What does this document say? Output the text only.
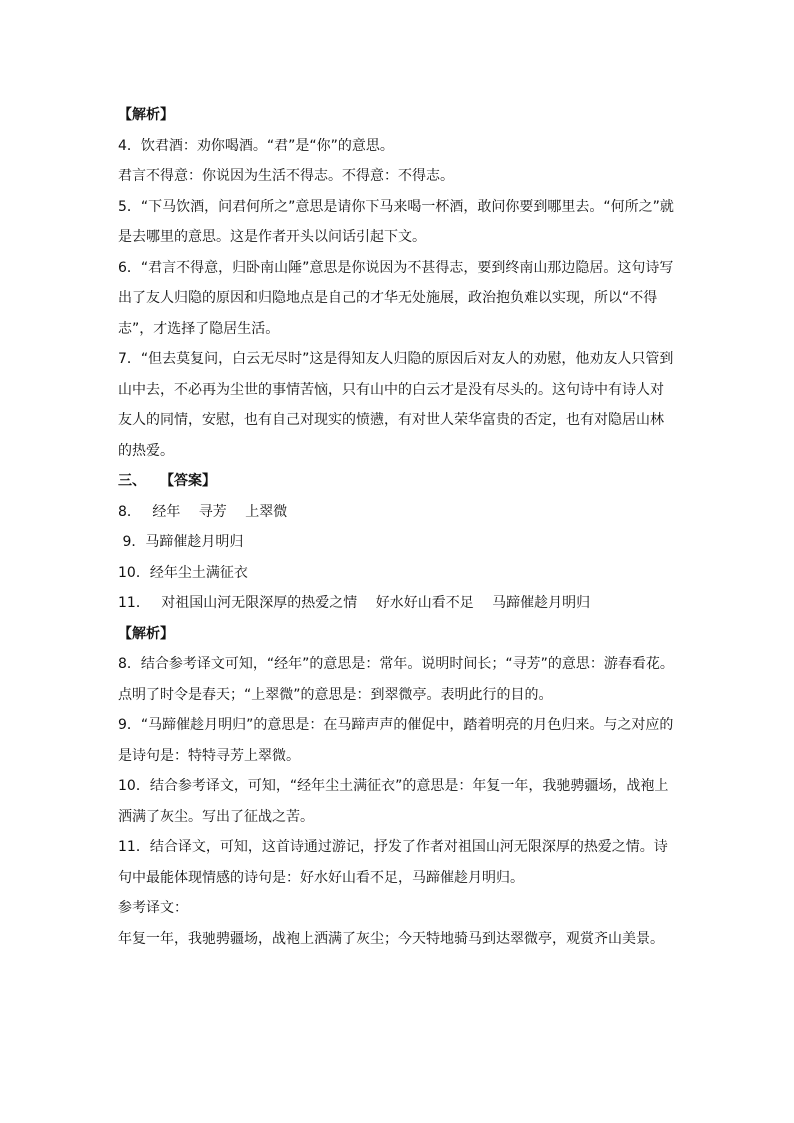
【解析】

4．饮君酒：劝你喝酒。“君”是“你”的意思。

君言不得意：你说因为生活不得志。不得意：不得志。

5．“下马饮酒，问君何所之”意思是请你下马来喝一杯酒，敢问你要到哪里去。“何所之”就

是去哪里的意思。这是作者开头以问话引起下文。

6．“君言不得意，归卧南山陲”意思是你说因为不甚得志，要到终南山那边隐居。这句诗写

出了友人归隐的原因和归隐地点是自己的才华无处施展，政治抱负难以实现，所以“不得

志”，才选择了隐居生活。

7．“但去莫复问，白云无尽时”这是得知友人归隐的原因后对友人的劝慰，他劝友人只管到

山中去，不必再为尘世的事情苦恼，只有山中的白云才是没有尽头的。这句诗中有诗人对

友人的同情，安慰，也有自己对现实的愤懑，有对世人荣华富贵的否定，也有对隐居山林

的热爱。

三、　　【答案】

8．　 经年　 寻芳　 上翠微

9．马蹄催趁月明归

10．经年尘土满征衣

11．　 对祖国山河无限深厚的热爱之情　 好水好山看不足　 马蹄催趁月明归

【解析】

8．结合参考译文可知，“经年”的意思是：常年。说明时间长；“寻芳”的意思：游春看花。

点明了时令是春天；“上翠微”的意思是：到翠微亭。表明此行的目的。

9．“马蹄催趁月明归”的意思是：在马蹄声声的催促中，踏着明亮的月色归来。与之对应的

是诗句是：特特寻芳上翠微。

10．结合参考译文，可知，“经年尘土满征衣”的意思是：年复一年，我驰骋疆场，战袍上

洒满了灰尘。写出了征战之苦。

11．结合译文，可知，这首诗通过游记，抒发了作者对祖国山河无限深厚的热爱之情。诗

句中最能体现情感的诗句是：好水好山看不足，马蹄催趁月明归。

参考译文：

年复一年，我驰骋疆场，战袍上洒满了灰尘；今天特地骑马到达翠微亭，观赏齐山美景。
